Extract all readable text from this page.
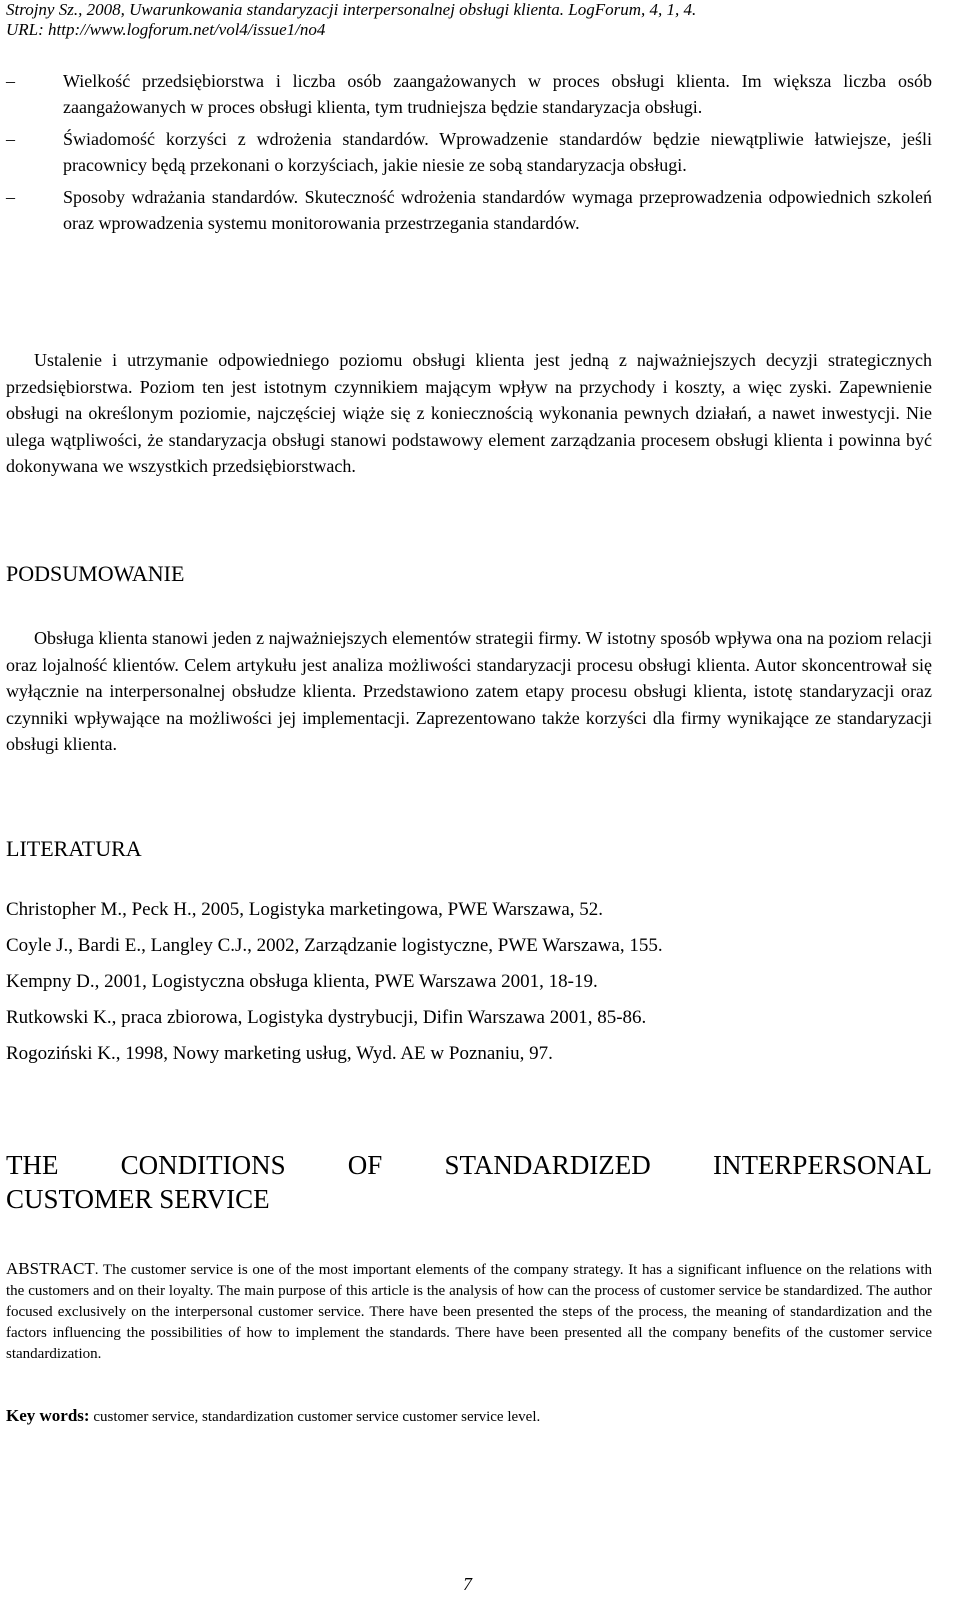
Strojny Sz., 2008, Uwarunkowania standaryzacji interpersonalnej obsługi klienta. LogForum, 4, 1, 4.
URL: http://www.logforum.net/vol4/issue1/no4
–	Wielkość przedsiębiorstwa i liczba osób zaangażowanych w proces obsługi klienta. Im większa liczba osób zaangażowanych w proces obsługi klienta, tym trudniejsza będzie standaryzacja obsługi.
–	Świadomość korzyści z wdrożenia standardów. Wprowadzenie standardów będzie niewątpliwie łatwiejsze, jeśli pracownicy będą przekonani o korzyściach, jakie niesie ze sobą standaryzacja obsługi.
–	Sposoby wdrażania standardów. Skuteczność wdrożenia standardów wymaga przeprowadzenia odpowiednich szkoleń oraz wprowadzenia systemu monitorowania przestrzegania standardów.
Ustalenie i utrzymanie odpowiedniego poziomu obsługi klienta jest jedną z najważniejszych decyzji strategicznych przedsiębiorstwa. Poziom ten jest istotnym czynnikiem mającym wpływ na przychody i koszty, a więc zyski. Zapewnienie obsługi na określonym poziomie, najczęściej wiąże się z koniecznością wykonania pewnych działań, a nawet inwestycji. Nie ulega wątpliwości, że standaryzacja obsługi stanowi podstawowy element zarządzania procesem obsługi klienta i powinna być dokonywana we wszystkich przedsiębiorstwach.
PODSUMOWANIE
Obsługa klienta stanowi jeden z najważniejszych elementów strategii firmy. W istotny sposób wpływa ona na poziom relacji oraz lojalność klientów. Celem artykułu jest analiza możliwości standaryzacji procesu obsługi klienta. Autor skoncentrował się wyłącznie na interpersonalnej obsłudze klienta. Przedstawiono zatem etapy procesu obsługi klienta, istotę standaryzacji oraz czynniki wpływające na możliwości jej implementacji. Zaprezentowano także korzyści dla firmy wynikające ze standaryzacji obsługi klienta.
LITERATURA
Christopher M., Peck H., 2005, Logistyka marketingowa, PWE Warszawa, 52.
Coyle J., Bardi E., Langley C.J., 2002, Zarządzanie logistyczne, PWE Warszawa, 155.
Kempny D., 2001, Logistyczna obsługa klienta, PWE Warszawa 2001, 18-19.
Rutkowski K., praca zbiorowa, Logistyka dystrybucji, Difin Warszawa 2001, 85-86.
Rogoziński K., 1998, Nowy marketing usług, Wyd. AE w Poznaniu, 97.
THE CONDITIONS OF STANDARDIZED INTERPERSONAL
CUSTOMER SERVICE
ABSTRACT. The customer service is one of the most important elements of the company strategy. It has a significant influence on the relations with the customers and on their loyalty. The main purpose of this article is the analysis of how can the process of customer service be standardized. The author focused exclusively on the interpersonal customer service. There have been presented the steps of the process, the meaning of standardization and the factors influencing the possibilities of how to implement the standards. There have been presented all the company benefits of the customer service standardization.
Key words: customer service, standardization customer service customer service level.
7
